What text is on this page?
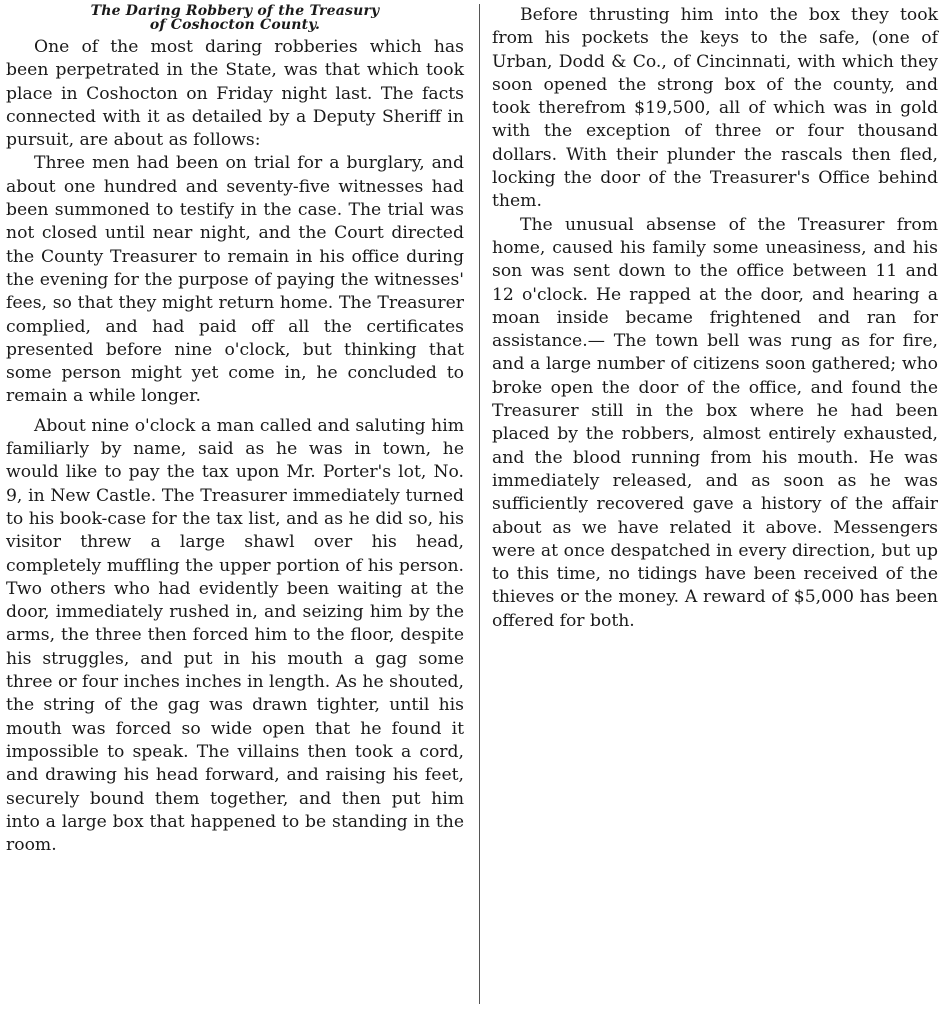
The Daring Robbery of the Treasury
of Coshocton County.

One of the most daring robberies which has been perpetrated in the State, was that which took place in Coshocton on Friday night last. The facts connected with it as detailed by a Deputy Sheriff in pursuit, are about as follows:

Three men had been on trial for a burglary, and about one hundred and seventy-five witnesses had been summoned to testify in the case. The trial was not closed until near night, and the Court directed the County Treasurer to remain in his office during the evening for the purpose of paying the witnesses' fees, so that they might return home. The Treasurer complied, and had paid off all the certificates presented before nine o'clock, but thinking that some person might yet come in, he concluded to remain a while longer.

About nine o'clock a man called and saluting him familiarly by name, said as he was in town, he would like to pay the tax upon Mr. Porter's lot, No. 9, in New Castle. The Treasurer immediately turned to his book-case for the tax list, and as he did so, his visitor threw a large shawl over his head, completely muffling the upper portion of his person. Two others who had evidently been waiting at the door, immediately rushed in, and seizing him by the arms, the three then forced him to the floor, despite his struggles, and put in his mouth a gag some three or four inches inches in length. As he shouted, the string of the gag was drawn tighter, until his mouth was forced so wide open that he found it impossible to speak. The villains then took a cord, and drawing his head forward, and raising his feet, securely bound them together, and then put him into a large box that happened to be standing in the room.

Before thrusting him into the box they took from his pockets the keys to the safe, (one of Urban, Dodd & Co., of Cincinnati, with which they soon opened the strong box of the county, and took therefrom $19,500, all of which was in gold with the exception of three or four thousand dollars. With their plunder the rascals then fled, locking the door of the Treasurer's Office behind them.

The unusual absense of the Treasurer from home, caused his family some uneasiness, and his son was sent down to the office between 11 and 12 o'clock. He rapped at the door, and hearing a moan inside became frightened and ran for assistance.— The town bell was rung as for fire, and a large number of citizens soon gathered; who broke open the door of the office, and found the Treasurer still in the box where he had been placed by the robbers, almost entirely exhausted, and the blood running from his mouth. He was immediately released, and as soon as he was sufficiently recovered gave a history of the affair about as we have related it above. Messengers were at once despatched in every direction, but up to this time, no tidings have been received of the thieves or the money. A reward of $5,000 has been offered for both.
